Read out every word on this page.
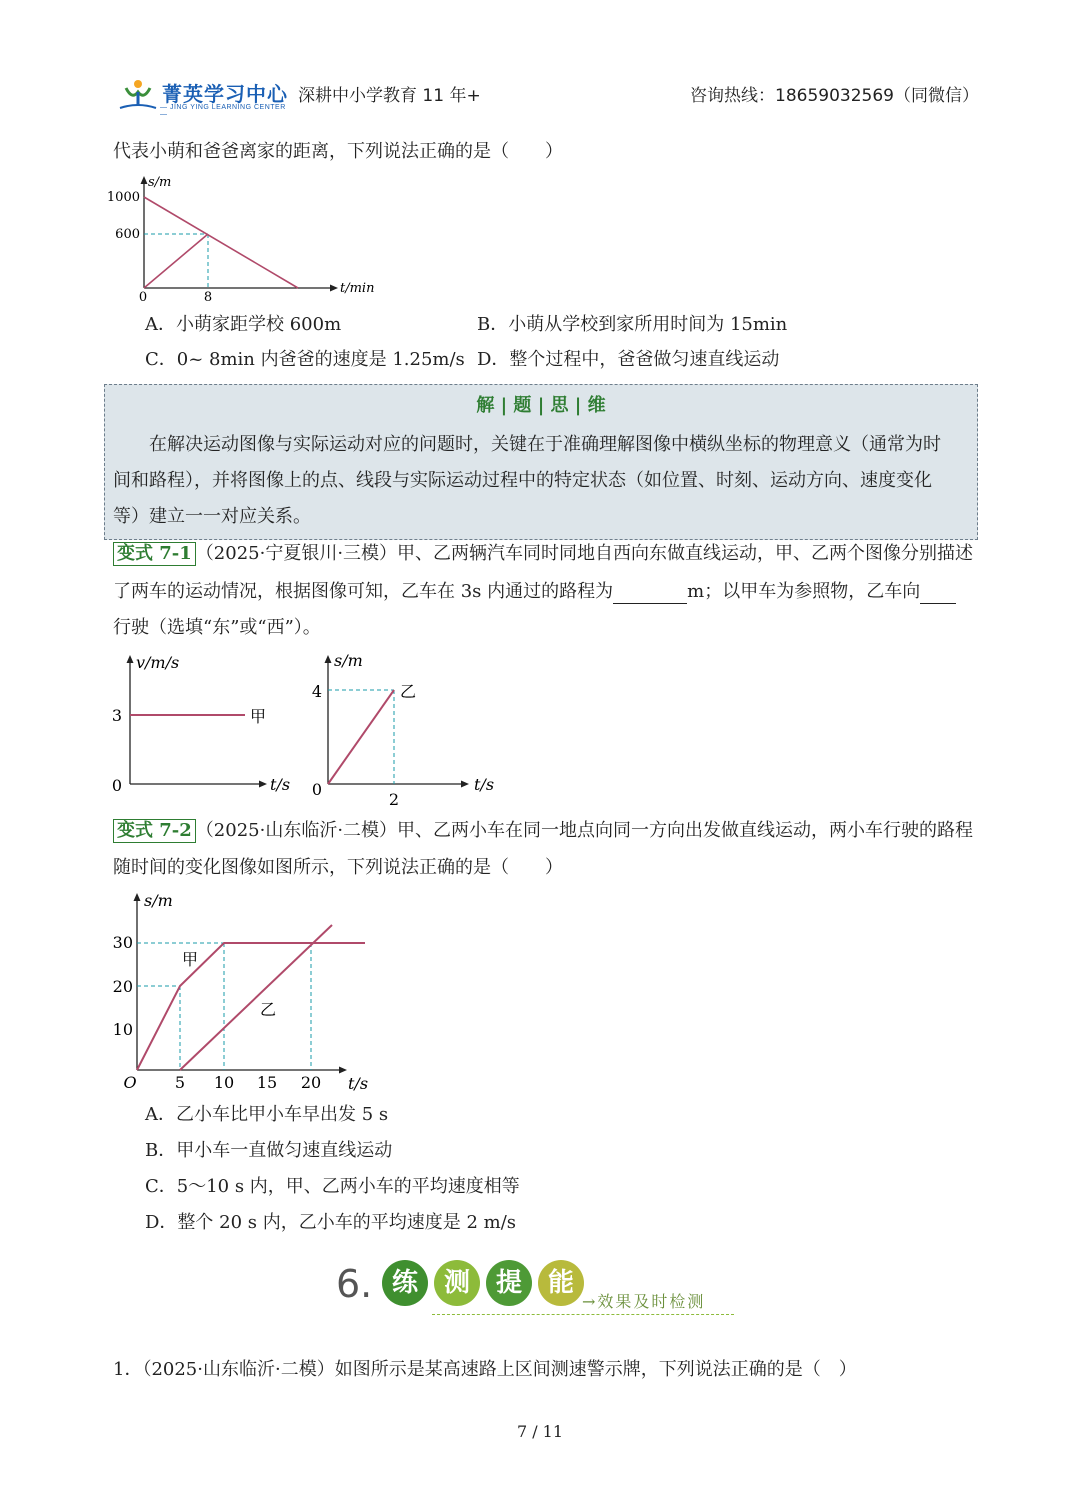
菁英学习中心
— JING YING LEARNING CENTER —
深耕中小学教育 11 年+	咨询热线：18659032569（同微信）
代表小萌和爸爸离家的距离，下列说法正确的是（　　）
s/m
t/min
1000
600
0	8
A．小萌家距学校 600m	B．小萌从学校到家所用时间为 15min
C．0~ 8min 内爸爸的速度是 1.25m/s D．整个过程中，爸爸做匀速直线运动
解 | 题 | 思 | 维
在解决运动图像与实际运动对应的问题时，关键在于准确理解图像中横纵坐标的物理意义（通常为时
间和路程），并将图像上的点、线段与实际运动过程中的特定状态（如位置、时刻、运动方向、速度变化
等）建立一一对应关系。
变式 7-1 （2025·宁夏银川·三模）甲、乙两辆汽车同时同地自西向东做直线运动，甲、乙两个图像分别描述
了两车的运动情况，根据图像可知，乙车在 3s 内通过的路程为	m；以甲车为参照物，乙车向
行驶（选填“东”或“西”）。
v/m/s
t/s
3
0
甲
s/m
t/s
4
0
2
乙
变式 7-2 （2025·山东临沂·二模）甲、乙两小车在同一地点向同一方向出发做直线运动，两小车行驶的路程
随时间的变化图像如图所示，下列说法正确的是（　　）
s/m
t/s
O
10
20
30
5 10 15 20
甲
乙
A．乙小车比甲小车早出发 5 s
B．甲小车一直做匀速直线运动
C．5～10 s 内，甲、乙两小车的平均速度相等
D．整个 20 s 内，乙小车的平均速度是 2 m/s
6. 练 测 提 能
→效果及时检测
1．（2025·山东临沂·二模）如图所示是某高速路上区间测速警示牌，下列说法正确的是（　）
7 / 11
